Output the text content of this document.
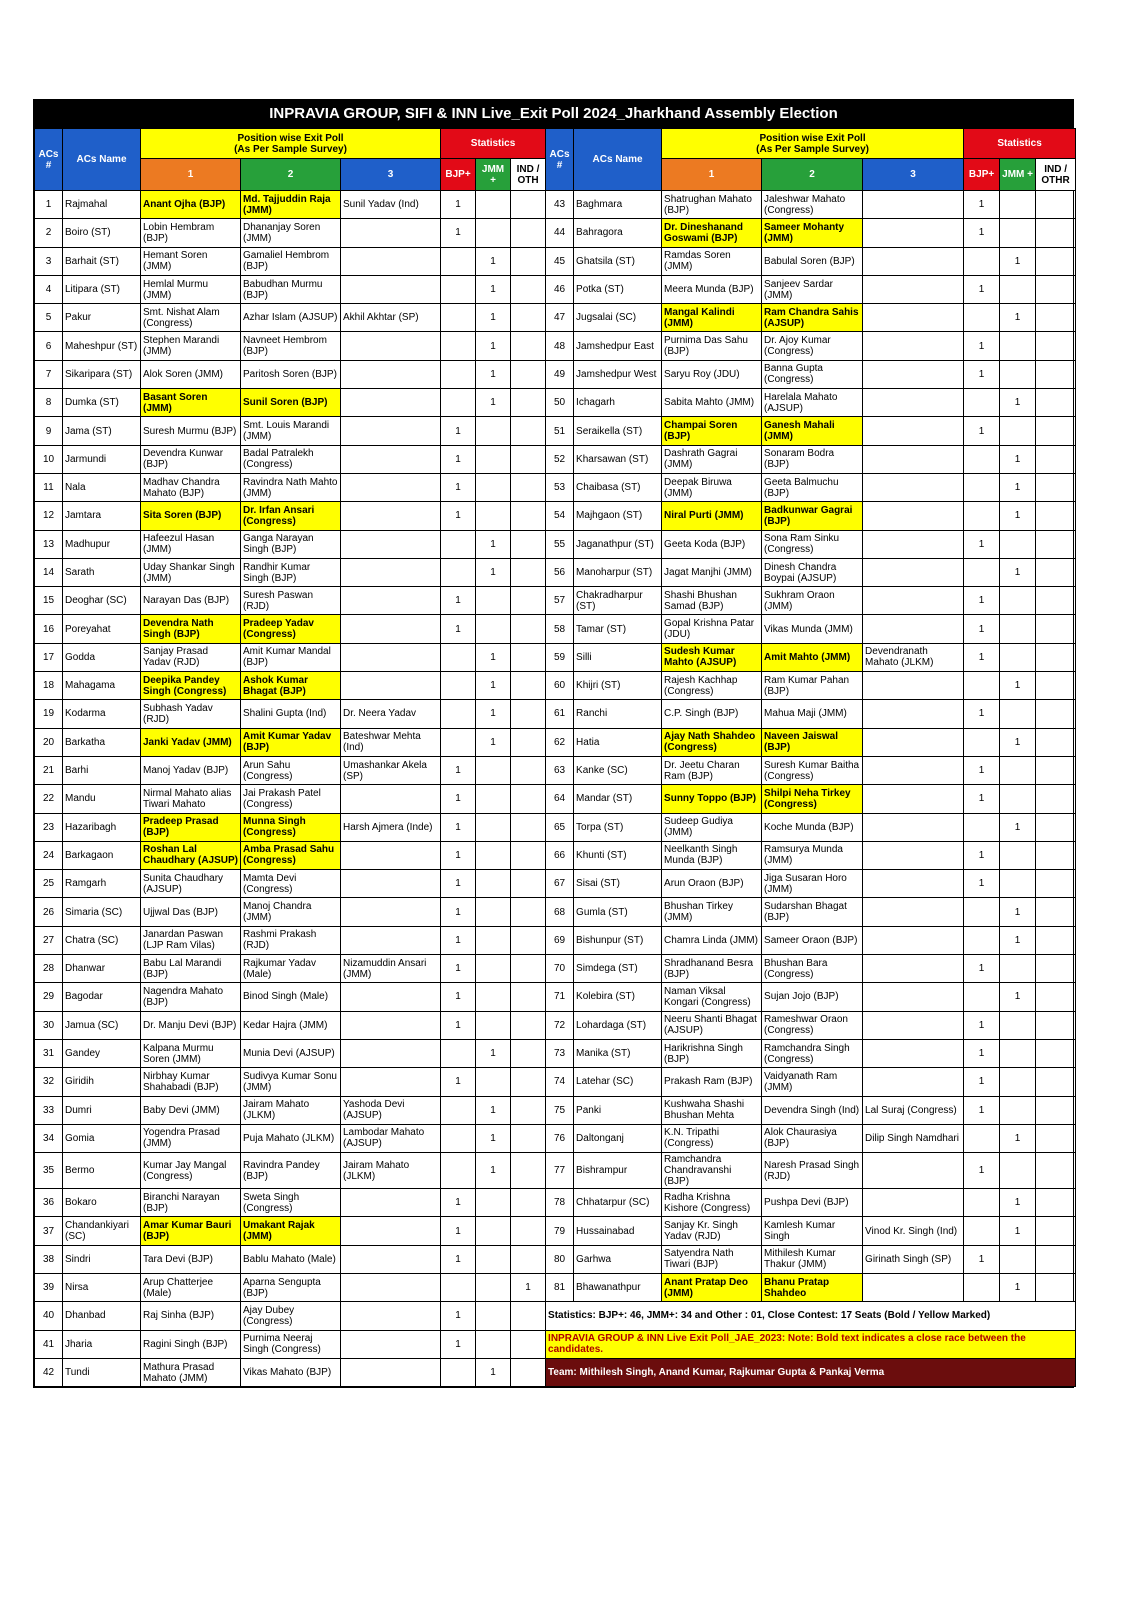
INPRAVIA GROUP, SIFI & INN Live_Exit Poll 2024_Jharkhand Assembly Election
ACs #	ACs Name	Position wise Exit Poll
(As Per Sample Survey)			Statistics			ACs #	ACs Name	Position wise Exit Poll
(As Per Sample Survey)			Statistics		
		1	2	3	BJP+	JMM +	IND / OTH			1	2	3	BJP+	JMM +	IND / OTHR
1	Rajmahal	Anant Ojha (BJP)	Md. Tajjuddin Raja (JMM)	Sunil Yadav (Ind)	1			43	Baghmara	Shatrughan Mahato (BJP)	Jaleshwar Mahato (Congress)		1		
2	Boiro (ST)	Lobin Hembram (BJP)	Dhananjay Soren (JMM)		1			44	Bahragora	Dr. Dineshanand Goswami (BJP)	Sameer Mohanty (JMM)		1		
3	Barhait (ST)	Hemant Soren (JMM)	Gamaliel Hembrom (BJP)			1		45	Ghatsila (ST)	Ramdas Soren (JMM)	Babulal Soren (BJP)			1	
4	Litipara (ST)	Hemlal Murmu (JMM)	Babudhan Murmu (BJP)			1		46	Potka (ST)	Meera Munda (BJP)	Sanjeev Sardar (JMM)		1		
5	Pakur	Smt. Nishat Alam (Congress)	Azhar Islam (AJSUP)	Akhil Akhtar (SP)		1		47	Jugsalai (SC)	Mangal Kalindi (JMM)	Ram Chandra Sahis (AJSUP)			1	
6	Maheshpur (ST)	Stephen Marandi (JMM)	Navneet Hembrom (BJP)			1		48	Jamshedpur East	Purnima Das Sahu (BJP)	Dr. Ajoy Kumar (Congress)		1		
7	Sikaripara (ST)	Alok Soren (JMM)	Paritosh Soren (BJP)			1		49	Jamshedpur West	Saryu Roy (JDU)	Banna Gupta (Congress)		1		
8	Dumka (ST)	Basant Soren (JMM)	Sunil Soren (BJP)			1		50	Ichagarh	Sabita Mahto (JMM)	Harelala Mahato (AJSUP)			1	
9	Jama (ST)	Suresh Murmu (BJP)	Smt. Louis Marandi (JMM)		1			51	Seraikella (ST)	Champai Soren (BJP)	Ganesh Mahali (JMM)		1		
10	Jarmundi	Devendra Kunwar (BJP)	Badal Patralekh (Congress)		1			52	Kharsawan (ST)	Dashrath Gagrai (JMM)	Sonaram Bodra (BJP)			1	
11	Nala	Madhav Chandra Mahato (BJP)	Ravindra Nath Mahto (JMM)		1			53	Chaibasa (ST)	Deepak Biruwa (JMM)	Geeta Balmuchu (BJP)			1	
12	Jamtara	Sita Soren (BJP)	Dr. Irfan Ansari (Congress)		1			54	Majhgaon (ST)	Niral Purti (JMM)	Badkunwar Gagrai (BJP)			1	
13	Madhupur	Hafeezul Hasan (JMM)	Ganga Narayan Singh (BJP)			1		55	Jaganathpur (ST)	Geeta Koda (BJP)	Sona Ram Sinku (Congress)		1		
14	Sarath	Uday Shankar Singh (JMM)	Randhir Kumar Singh (BJP)			1		56	Manoharpur (ST)	Jagat Manjhi (JMM)	Dinesh Chandra Boypai (AJSUP)			1	
15	Deoghar (SC)	Narayan Das (BJP)	Suresh Paswan (RJD)		1			57	Chakradharpur (ST)	Shashi Bhushan Samad (BJP)	Sukhram Oraon (JMM)		1		
16	Poreyahat	Devendra Nath Singh (BJP)	Pradeep Yadav (Congress)		1			58	Tamar (ST)	Gopal Krishna Patar (JDU)	Vikas Munda (JMM)		1		
17	Godda	Sanjay Prasad Yadav (RJD)	Amit Kumar Mandal (BJP)			1		59	Silli	Sudesh Kumar Mahto (AJSUP)	Amit Mahto (JMM)	Devendranath Mahato (JLKM)	1		
18	Mahagama	Deepika Pandey Singh (Congress)	Ashok Kumar Bhagat (BJP)			1		60	Khijri (ST)	Rajesh Kachhap (Congress)	Ram Kumar Pahan (BJP)			1	
19	Kodarma	Subhash Yadav (RJD)	Shalini Gupta (Ind)	Dr. Neera Yadav		1		61	Ranchi	C.P. Singh (BJP)	Mahua Maji (JMM)		1		
20	Barkatha	Janki Yadav (JMM)	Amit Kumar Yadav (BJP)	Bateshwar Mehta (Ind)		1		62	Hatia	Ajay Nath Shahdeo (Congress)	Naveen Jaiswal (BJP)			1	
21	Barhi	Manoj Yadav (BJP)	Arun Sahu (Congress)	Umashankar Akela (SP)	1			63	Kanke (SC)	Dr. Jeetu Charan Ram (BJP)	Suresh Kumar Baitha (Congress)		1		
22	Mandu	Nirmal Mahato alias Tiwari Mahato	Jai Prakash Patel (Congress)		1			64	Mandar (ST)	Sunny Toppo (BJP)	Shilpi Neha Tirkey (Congress)		1		
23	Hazaribagh	Pradeep Prasad (BJP)	Munna Singh (Congress)	Harsh Ajmera (Inde)	1			65	Torpa (ST)	Sudeep Gudiya (JMM)	Koche Munda (BJP)			1	
24	Barkagaon	Roshan Lal Chaudhary (AJSUP)	Amba Prasad Sahu (Congress)		1			66	Khunti (ST)	Neelkanth Singh Munda (BJP)	Ramsurya Munda (JMM)		1		
25	Ramgarh	Sunita Chaudhary (AJSUP)	Mamta Devi (Congress)		1			67	Sisai (ST)	Arun Oraon (BJP)	Jiga Susaran Horo (JMM)		1		
26	Simaria (SC)	Ujjwal Das (BJP)	Manoj Chandra (JMM)		1			68	Gumla (ST)	Bhushan Tirkey (JMM)	Sudarshan Bhagat (BJP)			1	
27	Chatra (SC)	Janardan Paswan (LJP Ram Vilas)	Rashmi Prakash (RJD)		1			69	Bishunpur (ST)	Chamra Linda (JMM)	Sameer Oraon (BJP)			1	
28	Dhanwar	Babu Lal Marandi (BJP)	Rajkumar Yadav (Male)	Nizamuddin Ansari (JMM)	1			70	Simdega (ST)	Shradhanand Besra (BJP)	Bhushan Bara (Congress)		1		
29	Bagodar	Nagendra Mahato (BJP)	Binod Singh (Male)		1			71	Kolebira (ST)	Naman Viksal Kongari (Congress)	Sujan Jojo (BJP)			1	
30	Jamua (SC)	Dr. Manju Devi (BJP)	Kedar Hajra (JMM)		1			72	Lohardaga (ST)	Neeru Shanti Bhagat (AJSUP)	Rameshwar Oraon (Congress)		1		
31	Gandey	Kalpana Murmu Soren (JMM)	Munia Devi (AJSUP)			1		73	Manika (ST)	Harikrishna Singh (BJP)	Ramchandra Singh (Congress)		1		
32	Giridih	Nirbhay Kumar Shahabadi (BJP)	Sudivya Kumar Sonu (JMM)		1			74	Latehar (SC)	Prakash Ram (BJP)	Vaidyanath Ram (JMM)		1		
33	Dumri	Baby Devi (JMM)	Jairam Mahato (JLKM)	Yashoda Devi (AJSUP)		1		75	Panki	Kushwaha Shashi Bhushan Mehta	Devendra Singh (Ind)	Lal Suraj (Congress)	1		
34	Gomia	Yogendra Prasad (JMM)	Puja Mahato (JLKM)	Lambodar Mahato (AJSUP)		1		76	Daltonganj	K.N. Tripathi (Congress)	Alok Chaurasiya (BJP)	Dilip Singh Namdhari		1	
35	Bermo	Kumar Jay Mangal (Congress)	Ravindra Pandey (BJP)	Jairam Mahato (JLKM)		1		77	Bishrampur	Ramchandra Chandravanshi (BJP)	Naresh Prasad Singh (RJD)		1		
36	Bokaro	Biranchi Narayan (BJP)	Sweta Singh (Congress)		1			78	Chhatarpur (SC)	Radha Krishna Kishore (Congress)	Pushpa Devi (BJP)			1	
37	Chandankiyari (SC)	Amar Kumar Bauri (BJP)	Umakant Rajak (JMM)		1			79	Hussainabad	Sanjay Kr. Singh Yadav (RJD)	Kamlesh Kumar Singh	Vinod Kr. Singh (Ind)		1	
38	Sindri	Tara Devi (BJP)	Bablu Mahato (Male)		1			80	Garhwa	Satyendra Nath Tiwari (BJP)	Mithilesh Kumar Thakur (JMM)	Girinath Singh (SP)	1		
39	Nirsa	Arup Chatterjee (Male)	Aparna Sengupta (BJP)				1	81	Bhawanathpur	Anant Pratap Deo (JMM)	Bhanu Pratap Shahdeo			1	
40	Dhanbad	Raj Sinha (BJP)	Ajay Dubey (Congress)		1			Statistics: BJP+: 46, JMM+: 34 and Other : 01, Close Contest: 17 Seats (Bold / Yellow Marked)							
41	Jharia	Ragini Singh (BJP)	Purnima Neeraj Singh (Congress)		1			INPRAVIA GROUP & INN Live Exit Poll_JAE_2023: Note: Bold text indicates a close race between the candidates.							
42	Tundi	Mathura Prasad Mahato (JMM)	Vikas Mahato (BJP)			1		Team: Mithilesh Singh, Anand Kumar, Rajkumar Gupta & Pankaj Verma							
